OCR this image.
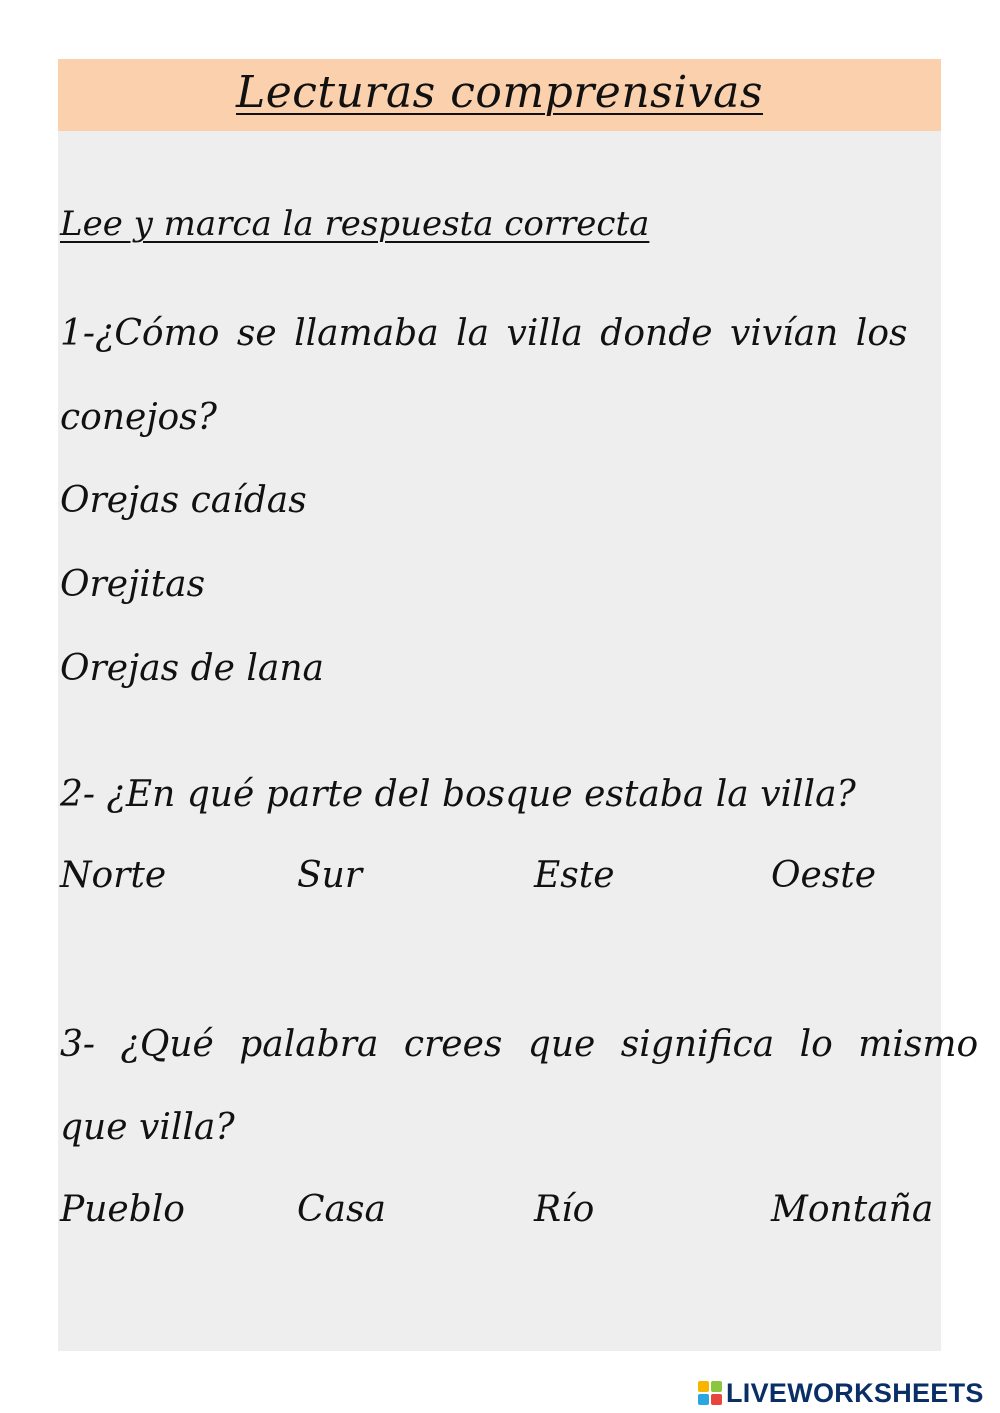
Lecturas comprensivas
Lee y marca la respuesta correcta
1-¿Cómo se llamaba la villa donde vivían los
conejos?
Orejas caídas
Orejitas
Orejas de lana
2- ¿En qué parte del bosque estaba la villa?
Norte	Sur	Este	Oeste
3- ¿Qué palabra crees que significa lo mismo
que villa?
Pueblo	Casa	Río	Montaña
LIVEWORKSHEETS
